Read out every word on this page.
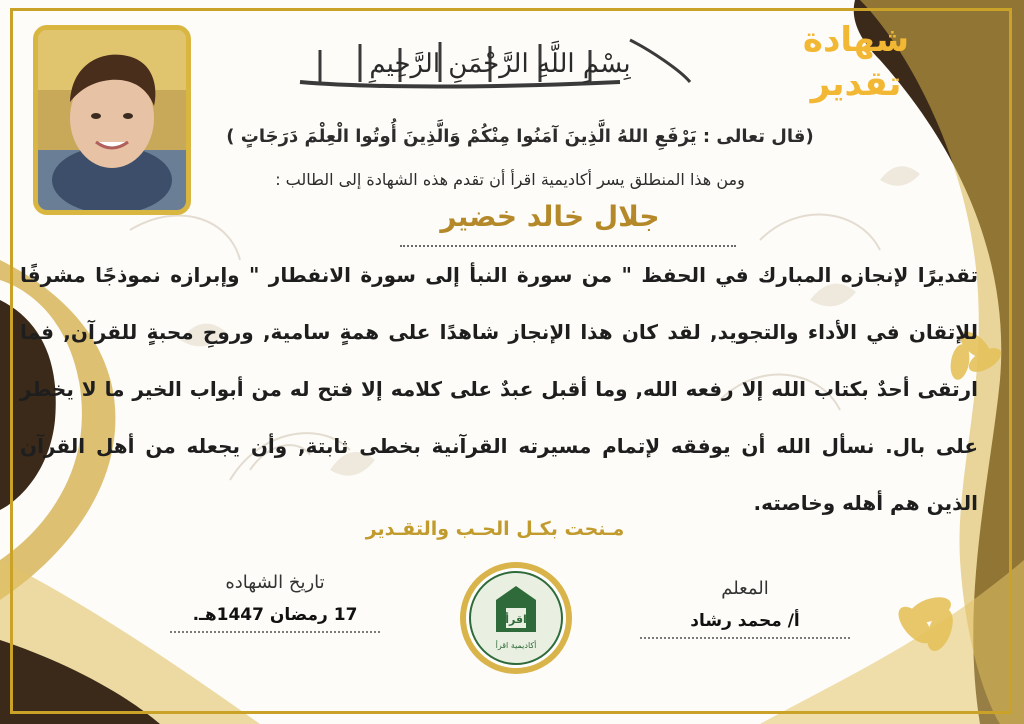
بِسْمِ اللَّهِ الرَّحْمَنِ الرَّحِيمِ
شهادة
تقدير
(قال تعالى : يَرْفَعِ اللهُ الَّذِينَ آمَنُوا مِنْكُمْ وَالَّذِينَ أُوتُوا الْعِلْمَ دَرَجَاتٍ )
ومن هذا المنطلق يسر أكاديمية اقرأ أن تقدم هذه الشهادة إلى الطالب :
جلال خالد خضير
تقديرًا لإنجازه المبارك في الحفظ " من سورة النبأ إلى سورة الانفطار " وإبرازه نموذجًا مشرفًا للإتقان في الأداء والتجويد, لقد كان هذا الإنجاز شاهدًا على همةٍ سامية, وروحِ محبةٍ للقرآن, فما ارتقى أحدٌ بكتاب الله إلا رفعه الله, وما أقبل عبدٌ على كلامه إلا فتح له من أبواب الخير ما لا يخطر على بال. نسأل الله أن يوفقه لإتمام مسيرته القرآنية بخطى ثابتة, وأن يجعله من أهل القرآن الذين هم أهله وخاصته.
مـنحت بكـل الحـب والتقـدير
المعلم
أ/ محمد رشاد
تاريخ الشهاده
17 رمضان 1447هـ.	اقرأ
أكاديمية اقرأ
